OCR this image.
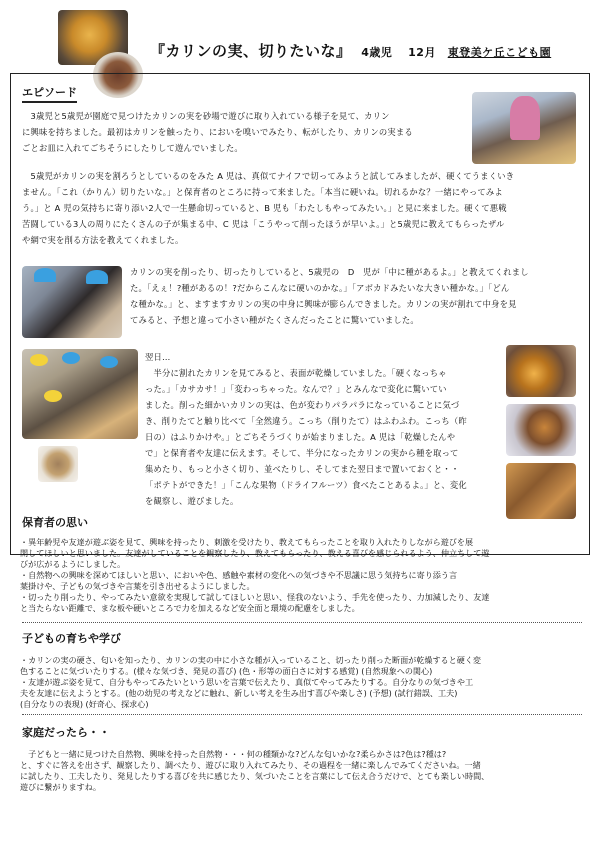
『カリンの実、切りたいな』 4歳児 12月 東登美ケ丘こども園
エピソード
　3歳児と5歳児が園庭で見つけたカリンの実を砂場で遊びに取り入れている様子を見て、カリン
に興味を持ちました。最初はカリンを触ったり、においを嗅いでみたり、転がしたり、カリンの実まる
ごとお皿に入れてごちそうにしたりして遊んでいました。
　5歳児がカリンの実を割ろうとしているのをみた A 児は、真似てナイフで切ってみようと試してみましたが、硬くてうまくいき
ません。「これ（かりん）切りたいな。」と保育者のところに持って来ました。「本当に硬いね。切れるかな？一緒にやってみよ
う。」と A 児の気持ちに寄り添い2人で一生懸命切っていると、B 児も「わたしもやってみたい。」と見に来ました。硬くて悪戦
苦闘している3人の周りにたくさんの子が集まる中、C 児は「こうやって削ったほうが早いよ。」と5歳児に教えてもらったザル
や網で実を削る方法を教えてくれました。
カリンの実を削ったり、切ったりしていると、5歳児の　D　児が「中に種があるよ。」と教えてくれまし
た。「えぇ！?種があるの！?だからこんなに硬いのかな。」「アボカドみたいな大きい種かな。」「どん
な種かな。」と、ますますカリンの実の中身に興味が膨らんできました。カリンの実が割れて中身を見
てみると、予想と違って小さい種がたくさんだったことに驚いていました。
翌日…
　半分に割れたカリンを見てみると、表面が乾燥していました。「硬くなっちゃ
った。」「カサカサ！」「変わっちゃった。なんで？」とみんなで変化に驚いてい
ました。削った細かいカリンの実は、色が変わりパラパラになっていることに気づ
き、削りたてと触り比べて「全然違う。こっち（削りたて）はふわふわ。こっち（昨
日の）はふりかけや。」とごちそうづくりが始まりました。A 児は「乾燥したんや
で」と保育者や友達に伝えます。そして、半分になったカリンの実から種を取って
集めたり、もっと小さく切り、並べたりし、そしてまた翌日まで置いておくと・・
「ポテトができた！」「こんな果物（ドライフルーツ）食べたことあるよ。」と、変化
を観察し、遊びました。
保育者の思い
・異年齢児や友達が遊ぶ姿を見て、興味を持ったり、刺激を受けたり、教えてもらったことを取り入れたりしながら遊びを展
開してほしいと思いました。友達がしていることを観察したり、教えてもらったり、教える喜びを感じられるよう、仲立ちして遊
びが広がるようにしました。
・自然物への興味を深めてほしいと思い、においや色、感触や素材の変化への気づきや不思議に思う気持ちに寄り添う言
葉掛けや、子どもの気づきや言葉を引き出せるようにしました。
・切ったり削ったり、やってみたい意欲を実現して試してほしいと思い、怪我のないよう、手先を使ったり、力加減したり、友達
と当たらない距離で、まな板や硬いところで力を加えるなど安全面と環境の配慮をしました。
子どもの育ちや学び
・カリンの実の硬さ、匂いを知ったり、カリンの実の中に小さな種が入っていること、切ったり削った断面が乾燥すると硬く変
色することに気づいたりする。(様々な気づき、発見の喜び) (色・形等の面白さに対する感覚) (自然現象への関心)
・友達が遊ぶ姿を見て、自分もやってみたいという思いを言葉で伝えたり、真似てやってみたりする。自分なりの気づきや工
夫を友達に伝えようとする。(他の幼児の考えなどに触れ、新しい考えを生み出す喜びや楽しさ) (予想) (試行錯誤、工夫)
(自分なりの表現) (好奇心、探求心)
家庭だったら・・
　子どもと一緒に見つけた自然物、興味を持った自然物・・・何の種類かな?どんな匂いかな?柔らかさは?色は?種は?
と、すぐに答えを出さず、観察したり、調べたり、遊びに取り入れてみたり、その過程を一緒に楽しんでみてくださいね。一緒
に試したり、工夫したり、発見したりする喜びを共に感じたり、気づいたことを言葉にして伝え合うだけで、とても楽しい時間、
遊びに繋がりますね。
